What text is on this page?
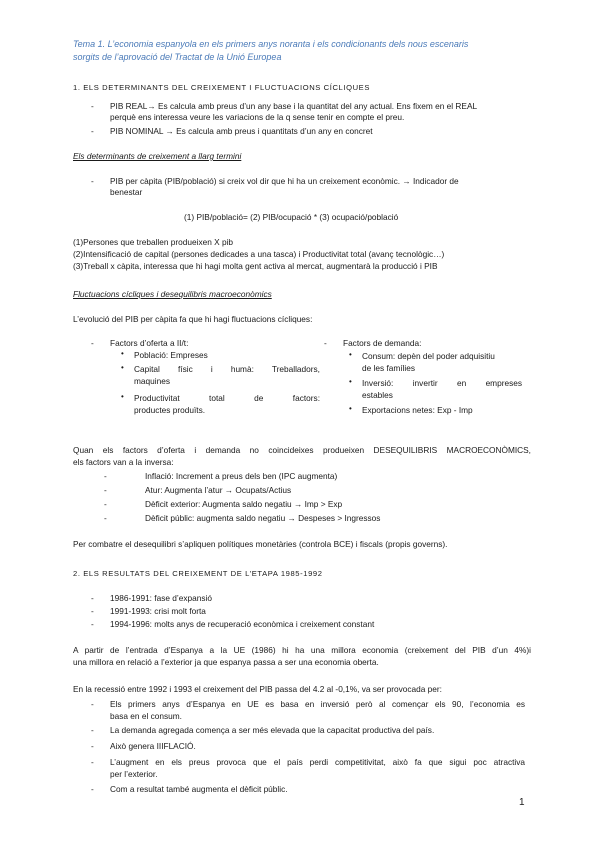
Tema 1. L’economia espanyola en els primers anys noranta i els condicionants dels nous escenaris
sorgits de l’aprovació del Tractat de la Unió Europea
1. ELS DETERMINANTS DEL CREIXEMENT I FLUCTUACIONS CÍCLIQUES
- PIB REAL→ Es calcula amb preus d’un any base i la quantitat del any actual. Ens fixem en el REAL
perquè ens interessa veure les variacions de la q sense tenir en compte el preu.
- PIB NOMINAL → Es calcula amb preus i quantitats d’un any en concret
Els determinants de creixement a llarg termini
- PIB per càpita (PIB/població) si creix vol dir que hi ha un creixement econòmic. → Indicador de
benestar
(1) PIB/població= (2) PIB/ocupació * (3) ocupació/població
(1)Persones que treballen produeixen X pib
(2)Intensificació de capital (persones dedicades a una tasca) i Productivitat total (avanç tecnològic…)
(3)Treball x càpita, interessa que hi hagi molta gent activa al mercat, augmentarà la producció i PIB
Fluctuacions cícliques i desequilibris macroeconòmics
L’evolució del PIB per càpita fa que hi hagi fluctuacions cícliques:
- Factors d’oferta a II/t:
• Població: Empreses
• Capital físic i humà: Treballadors,
maquines
• Productivitat total de factors:
productes produïts.
- Factors de demanda:
• Consum: depèn del poder adquisitiu
de les famílies
• Inversió: invertir en empreses
estables
• Exportacions netes: Exp - Imp
Quan els factors d’oferta i demanda no coincideixes produeixen DESEQUILIBRIS MACROECONÒMICS,
els factors van a la inversa:
-	Inflació: Increment a preus dels ben (IPC augmenta)
-	Atur: Augmenta l’atur → Ocupats/Actius
-	Dèficit exterior: Augmenta saldo negatiu → Imp > Exp
-	Dèficit públic: augmenta saldo negatiu → Despeses > Ingressos
Per combatre el desequilibri s’apliquen polítiques monetàries (controla BCE) i fiscals (propis governs).
2. ELS RESULTATS DEL CREIXEMENT DE L’ETAPA 1985-1992
- 1986-1991: fase d’expansió
- 1991-1993: crisi molt forta
- 1994-1996: molts anys de recuperació econòmica i creixement constant
A partir de l’entrada d’Espanya a la UE (1986) hi ha una millora economia (creixement del PIB d’un 4%)i
una millora en relació a l’exterior ja que espanya passa a ser una economia oberta.
En la recessió entre 1992 i 1993 el creixement del PIB passa del 4.2 al -0,1%, va ser provocada per:
- Els primers anys d’Espanya en UE es basa en inversió però al començar els 90, l’economia es
basa en el consum.
- La demanda agregada comença a ser més elevada que la capacitat productiva del país.
- Això genera IIIFLACIÓ.
- L’augment en els preus provoca que el país perdi competitivitat, això fa que sigui poc atractiva
per l’exterior.
- Com a resultat també augmenta el dèficit públic.
1
